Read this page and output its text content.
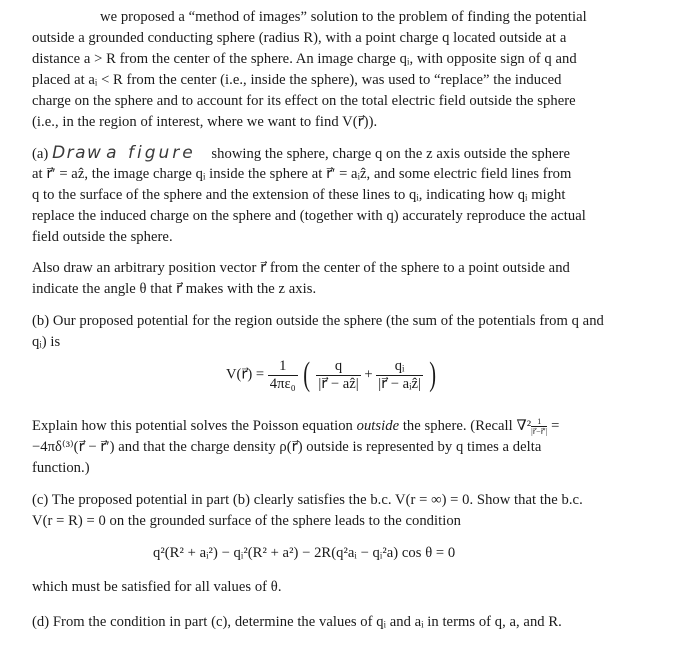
we proposed a “method of images” solution to the problem of finding the potential
outside a grounded conducting sphere (radius R), with a point charge q located outside at a
distance a > R from the center of the sphere. An image charge qᵢ, with opposite sign of q and
placed at aᵢ < R from the center (i.e., inside the sphere), was used to “replace” the induced
charge on the sphere and to account for its effect on the total electric field outside the sphere
(i.e., in the region of interest, where we want to find V(r⃗)).
(a) Draw a figure showing the sphere, charge q on the z axis outside the sphere
at r⃗′ = aẑ, the image charge qᵢ inside the sphere at r⃗′ = aᵢẑ, and some electric field lines from
q to the surface of the sphere and the extension of these lines to qᵢ, indicating how qᵢ might
replace the induced charge on the sphere and (together with q) accurately reproduce the actual
field outside the sphere.
Also draw an arbitrary position vector r⃗ from the center of the sphere to a point outside and
indicate the angle θ that r⃗ makes with the z axis.
(b) Our proposed potential for the region outside the sphere (the sum of the potentials from q and
qᵢ) is
V(r⃗) = $\frac{1}{\text{4πε₀}}$ ( $\frac{q}{\text{|r⃗ − aẑ|}} + \frac{\text{qᵢ}}{\text{|r⃗ − aᵢẑ|}}$ )
Explain how this potential solves the Poisson equation outside the sphere. (Recall $\nabla^2 \frac{1}{|r⃗-r⃗'|}$ =
−4πδ⁽³⁾(r⃗ − r⃗′) and that the charge density ρ(r⃗) outside is represented by q times a delta
function.)
(c) The proposed potential in part (b) clearly satisfies the b.c. V(r = ∞) = 0. Show that the b.c.
V(r = R) = 0 on the grounded surface of the sphere leads to the condition
q²(R² + aᵢ²) − qᵢ²(R² + a²) − 2R(q²aᵢ − qᵢ²a) cos θ = 0
which must be satisfied for all values of θ.
(d) From the condition in part (c), determine the values of qᵢ and aᵢ in terms of q, a, and R.
